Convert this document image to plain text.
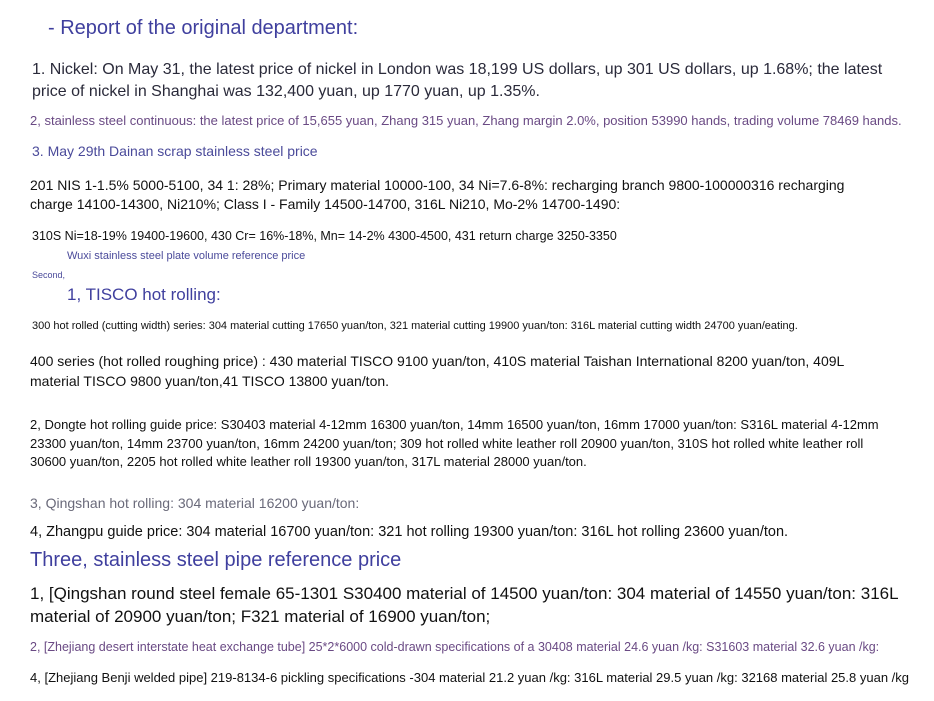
- Report of the original department:
1. Nickel: On May 31, the latest price of nickel in London was 18,199 US dollars, up 301 US dollars, up 1.68%; the latest price of nickel in Shanghai was 132,400 yuan, up 1770 yuan, up 1.35%.
2, stainless steel continuous: the latest price of 15,655 yuan, Zhang 315 yuan, Zhang margin 2.0%, position 53990 hands, trading volume 78469 hands.
3. May 29th Dainan scrap stainless steel price
201 NIS 1-1.5% 5000-5100, 34 1: 28%; Primary material 10000-100, 34 Ni=7.6-8%: recharging branch 9800-100000316 recharging charge 14100-14300, Ni210%; Class I - Family 14500-14700, 316L Ni210, Mo-2% 14700-1490:
310S Ni=18-19% 19400-19600, 430 Cr= 16%-18%, Mn= 14-2% 4300-4500, 431 return charge 3250-3350
Second,
Wuxi stainless steel plate volume reference price
1, TISCO hot rolling:
300 hot rolled (cutting width) series: 304 material cutting 17650 yuan/ton, 321 material cutting 19900 yuan/ton: 316L material cutting width 24700 yuan/eating.
400 series (hot rolled roughing price) : 430 material TISCO 9100 yuan/ton, 410S material Taishan International 8200 yuan/ton, 409L material TISCO 9800 yuan/ton,41 TISCO 13800 yuan/ton.
2, Dongte hot rolling guide price: S30403 material 4-12mm 16300 yuan/ton, 14mm 16500 yuan/ton, 16mm 17000 yuan/ton: S316L material 4-12mm 23300 yuan/ton, 14mm 23700 yuan/ton, 16mm 24200 yuan/ton; 309 hot rolled white leather roll 20900 yuan/ton, 310S hot rolled white leather roll 30600 yuan/ton, 2205 hot rolled white leather roll 19300 yuan/ton, 317L material 28000 yuan/ton.
3, Qingshan hot rolling: 304 material 16200 yuan/ton:
4, Zhangpu guide price: 304 material 16700 yuan/ton: 321 hot rolling 19300 yuan/ton: 316L hot rolling 23600 yuan/ton.
Three, stainless steel pipe reference price
1, [Qingshan round steel female 65-1301 S30400 material of 14500 yuan/ton: 304 material of 14550 yuan/ton: 316L material of 20900 yuan/ton; F321 material of 16900 yuan/ton;
2, [Zhejiang desert interstate heat exchange tube] 25*2*6000 cold-drawn specifications of a 30408 material 24.6 yuan /kg: S31603 material 32.6 yuan /kg:
4, [Zhejiang Benji welded pipe] 219-8134-6 pickling specifications -304 material 21.2 yuan /kg: 316L material 29.5 yuan /kg: 32168 material 25.8 yuan /kg
